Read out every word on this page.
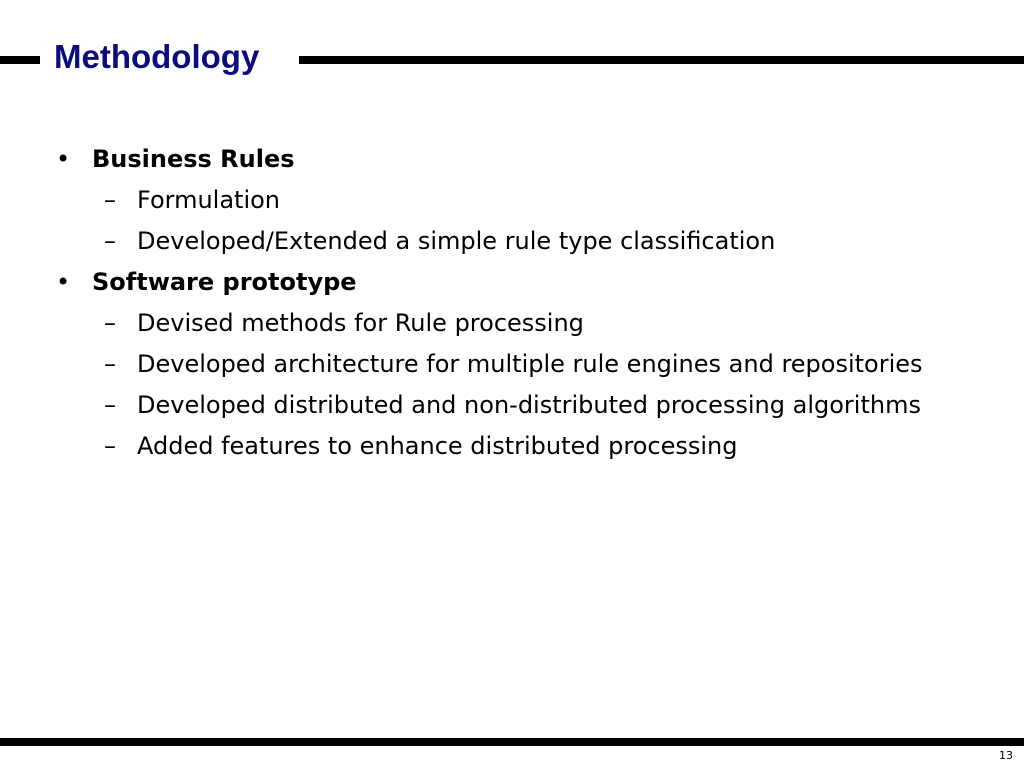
Methodology
• Business Rules
– Formulation
– Developed/Extended a simple rule type classification
• Software prototype
– Devised methods for Rule processing
– Developed architecture for multiple rule engines and repositories
– Developed distributed and non-distributed processing algorithms
– Added features to enhance distributed processing
13
